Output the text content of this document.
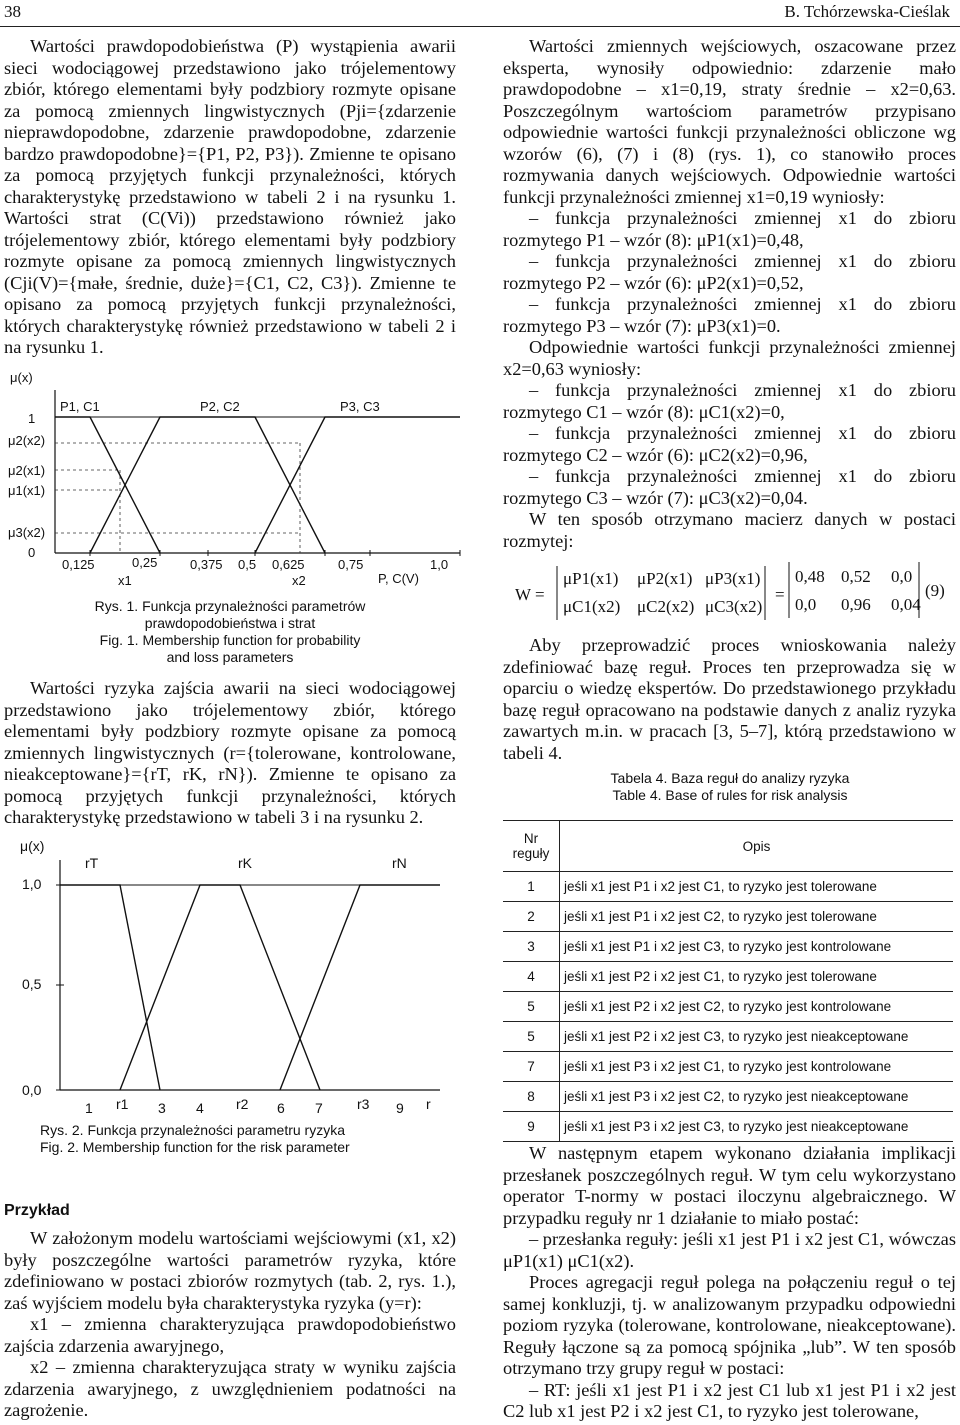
38	B. Tchórzewska-Cieślak

Wartości prawdopodobieństwa (P) wystąpienia awarii sieci wodociągowej przedstawiono jako trójelementowy zbiór, którego elementami były podzbiory rozmyte opisane za pomocą zmiennych lingwistycznych (Pji={zdarzenie nieprawdopodobne, zdarzenie prawdopodobne, zdarzenie bardzo prawdopodobne}={P1, P2, P3}). Zmienne te opisano za pomocą przyjętych funkcji przynależności, których charakterystykę przedstawiono w tabeli 2 i na rysunku 1. Wartości strat (C(Vi)) przedstawiono również jako trójelementowy zbiór, którego elementami były podzbiory rozmyte opisane za pomocą zmiennych lingwistycznych (Cji(V)={małe, średnie, duże}={C1, C2, C3}). Zmienne te opisano za pomocą przyjętych funkcji przynależności, których charakterystykę również przedstawiono w tabeli 2 i na rysunku 1.

μ(x)
1
μ2(x2)
μ2(x1)
μ1(x1)
μ3(x2)
0
P1, C1	P2, C2	P3, C3
0,125	0,25	0,375 0,5 0,625	0,75	1,0
x1	x2	P, C(V)
Rys. 1. Funkcja przynależności parametrów
prawdopodobieństwa i strat
Fig. 1. Membership function for probability
and loss parameters

Wartości ryzyka zajścia awarii na sieci wodociągowej przedstawiono jako trójelementowy zbiór, którego elementami były podzbiory rozmyte opisane za pomocą zmiennych lingwistycznych (r={tolerowane, kontrolowane, nieakceptowane}={rT, rK, rN}). Zmienne te opisano za pomocą przyjętych funkcji przynależności, których charakterystykę przedstawiono w tabeli 3 i na rysunku 2.

μ(x)
1,0
0,5
0,0
rT	rK	rN
1 r1 3 4 r2 6 7 r3 9 r
Rys. 2. Funkcja przynależności parametru ryzyka
Fig. 2. Membership function for the risk parameter
Przykład

W założonym modelu wartościami wejściowymi (x1, x2) były poszczególne wartości parametrów ryzyka, które zdefiniowano w postaci zbiorów rozmytych (tab. 2, rys. 1.), zaś wyjściem modelu była charakterystyka ryzyka (y=r):

x1 – zmienna charakteryzująca prawdopodobieństwo zajścia zdarzenia awaryjnego,

x2 – zmienna charakteryzująca straty w wyniku zajścia zdarzenia awaryjnego, z uwzględnieniem podatności na zagrożenie.

Wartości zmiennych wejściowych, oszacowane przez eksperta, wynosiły odpowiednio: zdarzenie mało prawdopodobne – x1=0,19, straty średnie – x2=0,63. Poszczególnym wartościom parametrów przypisano odpowiednie wartości funkcji przynależności obliczone wg wzorów (6), (7) i (8) (rys. 1), co stanowiło proces rozmywania danych wejściowych. Odpowiednie wartości funkcji przynależności zmiennej x1=0,19 wyniosły:

– funkcja przynależności zmiennej x1 do zbioru rozmytego P1 – wzór (8): μP1(x1)=0,48,

– funkcja przynależności zmiennej x1 do zbioru rozmytego P2 – wzór (6): μP2(x1)=0,52,

– funkcja przynależności zmiennej x1 do zbioru rozmytego P3 – wzór (7): μP3(x1)=0.

Odpowiednie wartości funkcji przynależności zmiennej x2=0,63 wyniosły:

– funkcja przynależności zmiennej x1 do zbioru rozmytego C1 – wzór (8): μC1(x2)=0,

– funkcja przynależności zmiennej x1 do zbioru rozmytego C2 – wzór (6): μC2(x2)=0,96,

– funkcja przynależności zmiennej x1 do zbioru rozmytego C3 – wzór (7): μC3(x2)=0,04.

W ten sposób otrzymano macierz danych w postaci rozmytej:

W =
μP1(x1) μP2(x1) μP3(x1)
μC1(x2) μC2(x2) μC3(x2)
=
0,48 0,52 0,0
0,0 0,96 0,04
(9)

Aby przeprowadzić proces wnioskowania należy zdefiniować bazę reguł. Proces ten przeprowadza się w oparciu o wiedzę ekspertów. Do przedstawionego przykładu bazę reguł opracowano na podstawie danych z analiz ryzyka zawartych m.in. w pracach [3, 5–7], którą przedstawiono w tabeli 4.

Tabela 4. Baza reguł do analizy ryzyka
Table 4. Base of rules for risk analysis
Nr reguły	Opis
1	jeśli x1 jest P1 i x2 jest C1, to ryzyko jest tolerowane
2	jeśli x1 jest P1 i x2 jest C2, to ryzyko jest tolerowane
3	jeśli x1 jest P1 i x2 jest C3, to ryzyko jest kontrolowane
4	jeśli x1 jest P2 i x2 jest C1, to ryzyko jest tolerowane
5	jeśli x1 jest P2 i x2 jest C2, to ryzyko jest kontrolowane
5	jeśli x1 jest P2 i x2 jest C3, to ryzyko jest nieakceptowane
7	jeśli x1 jest P3 i x2 jest C1, to ryzyko jest kontrolowane
8	jeśli x1 jest P3 i x2 jest C2, to ryzyko jest nieakceptowane
9	jeśli x1 jest P3 i x2 jest C3, to ryzyko jest nieakceptowane

W następnym etapem wykonano działania implikacji przesłanek poszczególnych reguł. W tym celu wykorzystano operator T-normy w postaci iloczynu algebraicznego. W przypadku reguły nr 1 działanie to miało postać:

– przesłanka reguły: jeśli x1 jest P1 i x2 jest C1, wówczas μP1(x1) μC1(x2).

Proces agregacji reguł polega na połączeniu reguł o tej samej konkluzji, tj. w analizowanym przypadku odpowiedni poziom ryzyka (tolerowane, kontrolowane, nieakceptowane). Reguły łączone są za pomocą spójnika „lub”. W ten sposób otrzymano trzy grupy reguł w postaci:

– RT: jeśli x1 jest P1 i x2 jest C1 lub x1 jest P1 i x2 jest C2 lub x1 jest P2 i x2 jest C1, to ryzyko jest tolerowane,
